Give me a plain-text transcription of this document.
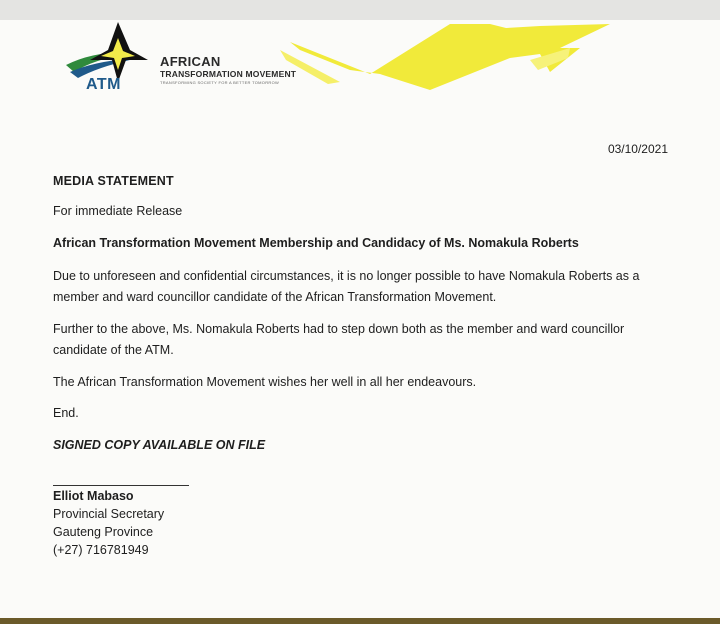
AFRICAN
TRANSFORMATION MOVEMENT
TRANSFORMING SOCIETY FOR A BETTER TOMORROW
ATM
03/10/2021
MEDIA STATEMENT
For immediate Release
African Transformation Movement Membership and Candidacy of Ms. Nomakula Roberts
Due to unforeseen and confidential circumstances, it is no longer possible to have Nomakula Roberts as a
member and ward councillor candidate of the African Transformation Movement.
Further to the above, Ms. Nomakula Roberts had to step down both as the member and ward councillor
candidate of the ATM.
The African Transformation Movement wishes her well in all her endeavours.
End.
SIGNED COPY AVAILABLE ON FILE
Elliot Mabaso
Provincial Secretary
Gauteng Province
(+27) 716781949
